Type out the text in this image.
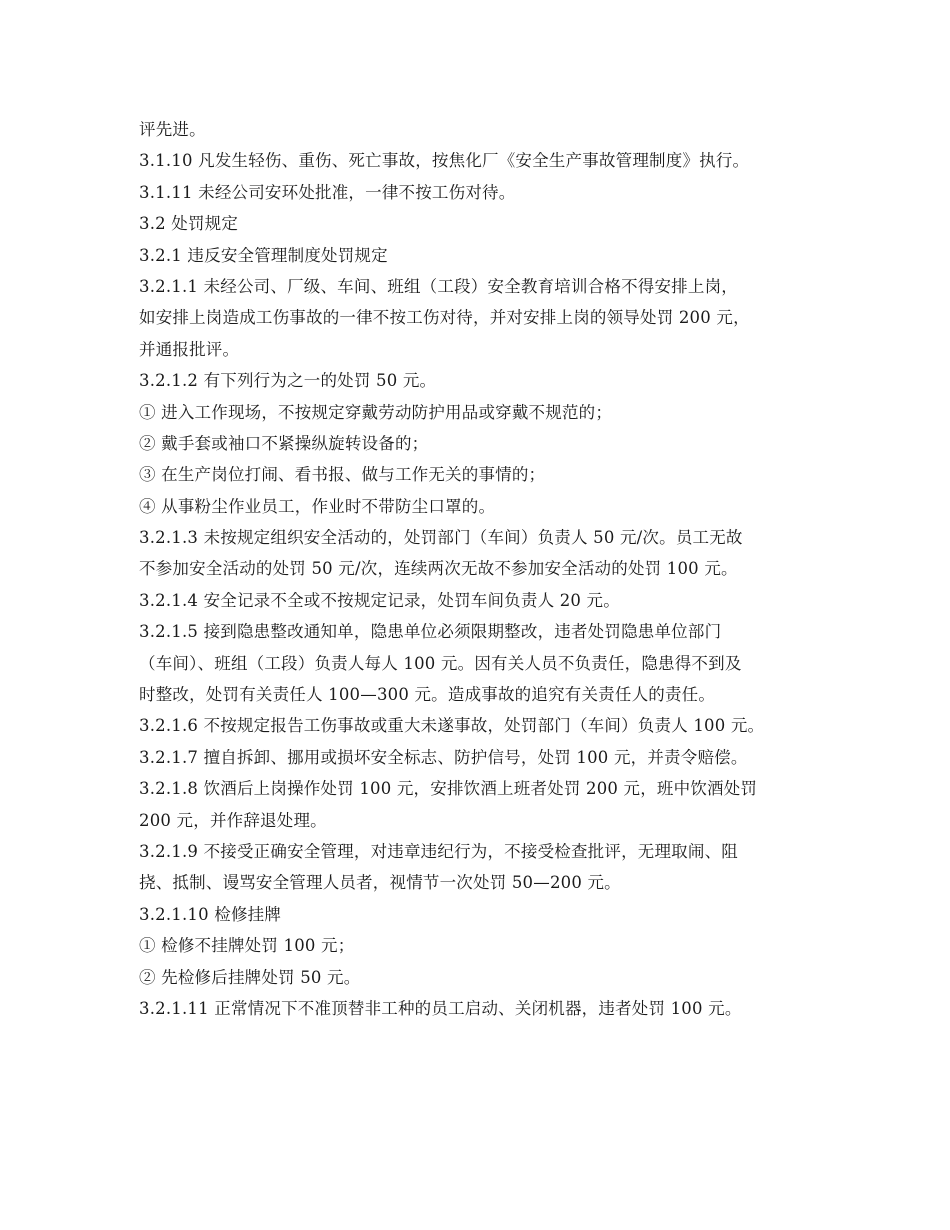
评先进。
3.1.10 凡发生轻伤、重伤、死亡事故，按焦化厂《安全生产事故管理制度》执行。
3.1.11 未经公司安环处批准，一律不按工伤对待。
3.2 处罚规定
3.2.1 违反安全管理制度处罚规定
3.2.1.1 未经公司、厂级、车间、班组（工段）安全教育培训合格不得安排上岗，
如安排上岗造成工伤事故的一律不按工伤对待，并对安排上岗的领导处罚 200 元，
并通报批评。
3.2.1.2 有下列行为之一的处罚 50 元。
① 进入工作现场，不按规定穿戴劳动防护用品或穿戴不规范的；
② 戴手套或袖口不紧操纵旋转设备的；
③ 在生产岗位打闹、看书报、做与工作无关的事情的；
④ 从事粉尘作业员工，作业时不带防尘口罩的。
3.2.1.3 未按规定组织安全活动的，处罚部门（车间）负责人 50 元/次。员工无故
不参加安全活动的处罚 50 元/次，连续两次无故不参加安全活动的处罚 100 元。
3.2.1.4 安全记录不全或不按规定记录，处罚车间负责人 20 元。
3.2.1.5 接到隐患整改通知单，隐患单位必须限期整改，违者处罚隐患单位部门
（车间）、班组（工段）负责人每人 100 元。因有关人员不负责任，隐患得不到及
时整改，处罚有关责任人 100—300 元。造成事故的追究有关责任人的责任。
3.2.1.6 不按规定报告工伤事故或重大未遂事故，处罚部门（车间）负责人 100 元。
3.2.1.7 擅自拆卸、挪用或损坏安全标志、防护信号，处罚 100 元，并责令赔偿。
3.2.1.8 饮酒后上岗操作处罚 100 元，安排饮酒上班者处罚 200 元，班中饮酒处罚
200 元，并作辞退处理。
3.2.1.9 不接受正确安全管理，对违章违纪行为，不接受检查批评，无理取闹、阻
挠、抵制、谩骂安全管理人员者，视情节一次处罚 50—200 元。
3.2.1.10 检修挂牌
① 检修不挂牌处罚 100 元；
② 先检修后挂牌处罚 50 元。
3.2.1.11 正常情况下不准顶替非工种的员工启动、关闭机器，违者处罚 100 元。
